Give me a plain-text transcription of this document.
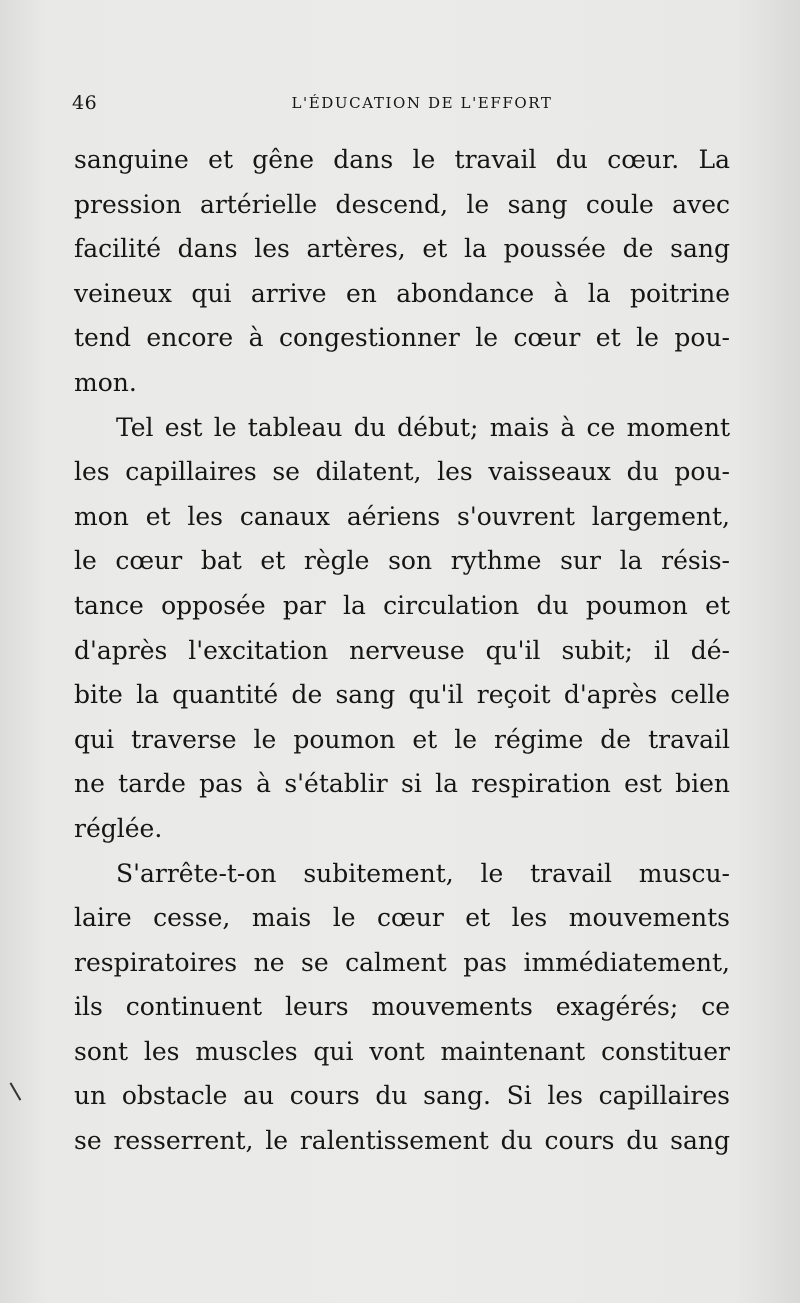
46	L'ÉDUCATION DE L'EFFORT
sanguine et gêne dans le travail du cœur. La
pression artérielle descend, le sang coule avec
facilité dans les artères, et la poussée de sang
veineux qui arrive en abondance à la poitrine
tend encore à congestionner le cœur et le pou-
mon.
Tel est le tableau du début; mais à ce moment
les capillaires se dilatent, les vaisseaux du pou-
mon et les canaux aériens s'ouvrent largement,
le cœur bat et règle son rythme sur la résis-
tance opposée par la circulation du poumon et
d'après l'excitation nerveuse qu'il subit; il dé-
bite la quantité de sang qu'il reçoit d'après celle
qui traverse le poumon et le régime de travail
ne tarde pas à s'établir si la respiration est bien
réglée.
S'arrête-t-on subitement, le travail muscu-
laire cesse, mais le cœur et les mouvements
respiratoires ne se calment pas immédiatement,
ils continuent leurs mouvements exagérés; ce
sont les muscles qui vont maintenant constituer
un obstacle au cours du sang. Si les capillaires
se resserrent, le ralentissement du cours du sang
